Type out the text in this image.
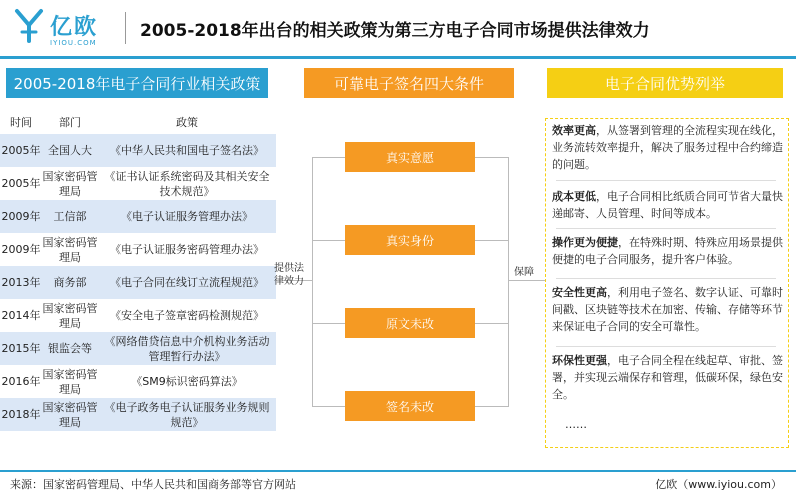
亿欧
IYIOU.COM
2005-2018年出台的相关政策为第三方电子合同市场提供法律效力
2005-2018年电子合同行业相关政策	可靠电子签名四大条件	电子合同优势列举
时间	部门	政策
2005年	全国人大	《中华人民共和国电子签名法》
2005年	国家密码管理局	《证书认证系统密码及其相关安全技术规范》
2009年	工信部	《电子认证服务管理办法》
2009年	国家密码管理局	《电子认证服务密码管理办法》
2013年	商务部	《电子合同在线订立流程规范》
2014年	国家密码管理局	《安全电子签章密码检测规范》
2015年	银监会等	《网络借贷信息中介机构业务活动管理暂行办法》
2016年	国家密码管理局	《SM9标识密码算法》
2018年	国家密码管理局	《电子政务电子认证服务业务规则规范》
提供法律效力
保障
真实意愿
真实身份
原文未改
签名未改
效率更高，从签署到管理的全流程实现在线化，业务流转效率提升，解决了服务过程中合约缔造的问题。
成本更低，电子合同相比纸质合同可节省大量快递邮寄、人员管理、时间等成本。
操作更为便捷，在特殊时期、特殊应用场景提供便捷的电子合同服务，提升客户体验。
安全性更高，利用电子签名、数字认证、可靠时间戳、区块链等技术在加密、传输、存储等环节来保证电子合同的安全可靠性。
环保性更强，电子合同全程在线起草、审批、签署，并实现云端保存和管理，低碳环保，绿色安全。
……
来源：国家密码管理局、中华人民共和国商务部等官方网站	亿欧（www.iyiou.com）
